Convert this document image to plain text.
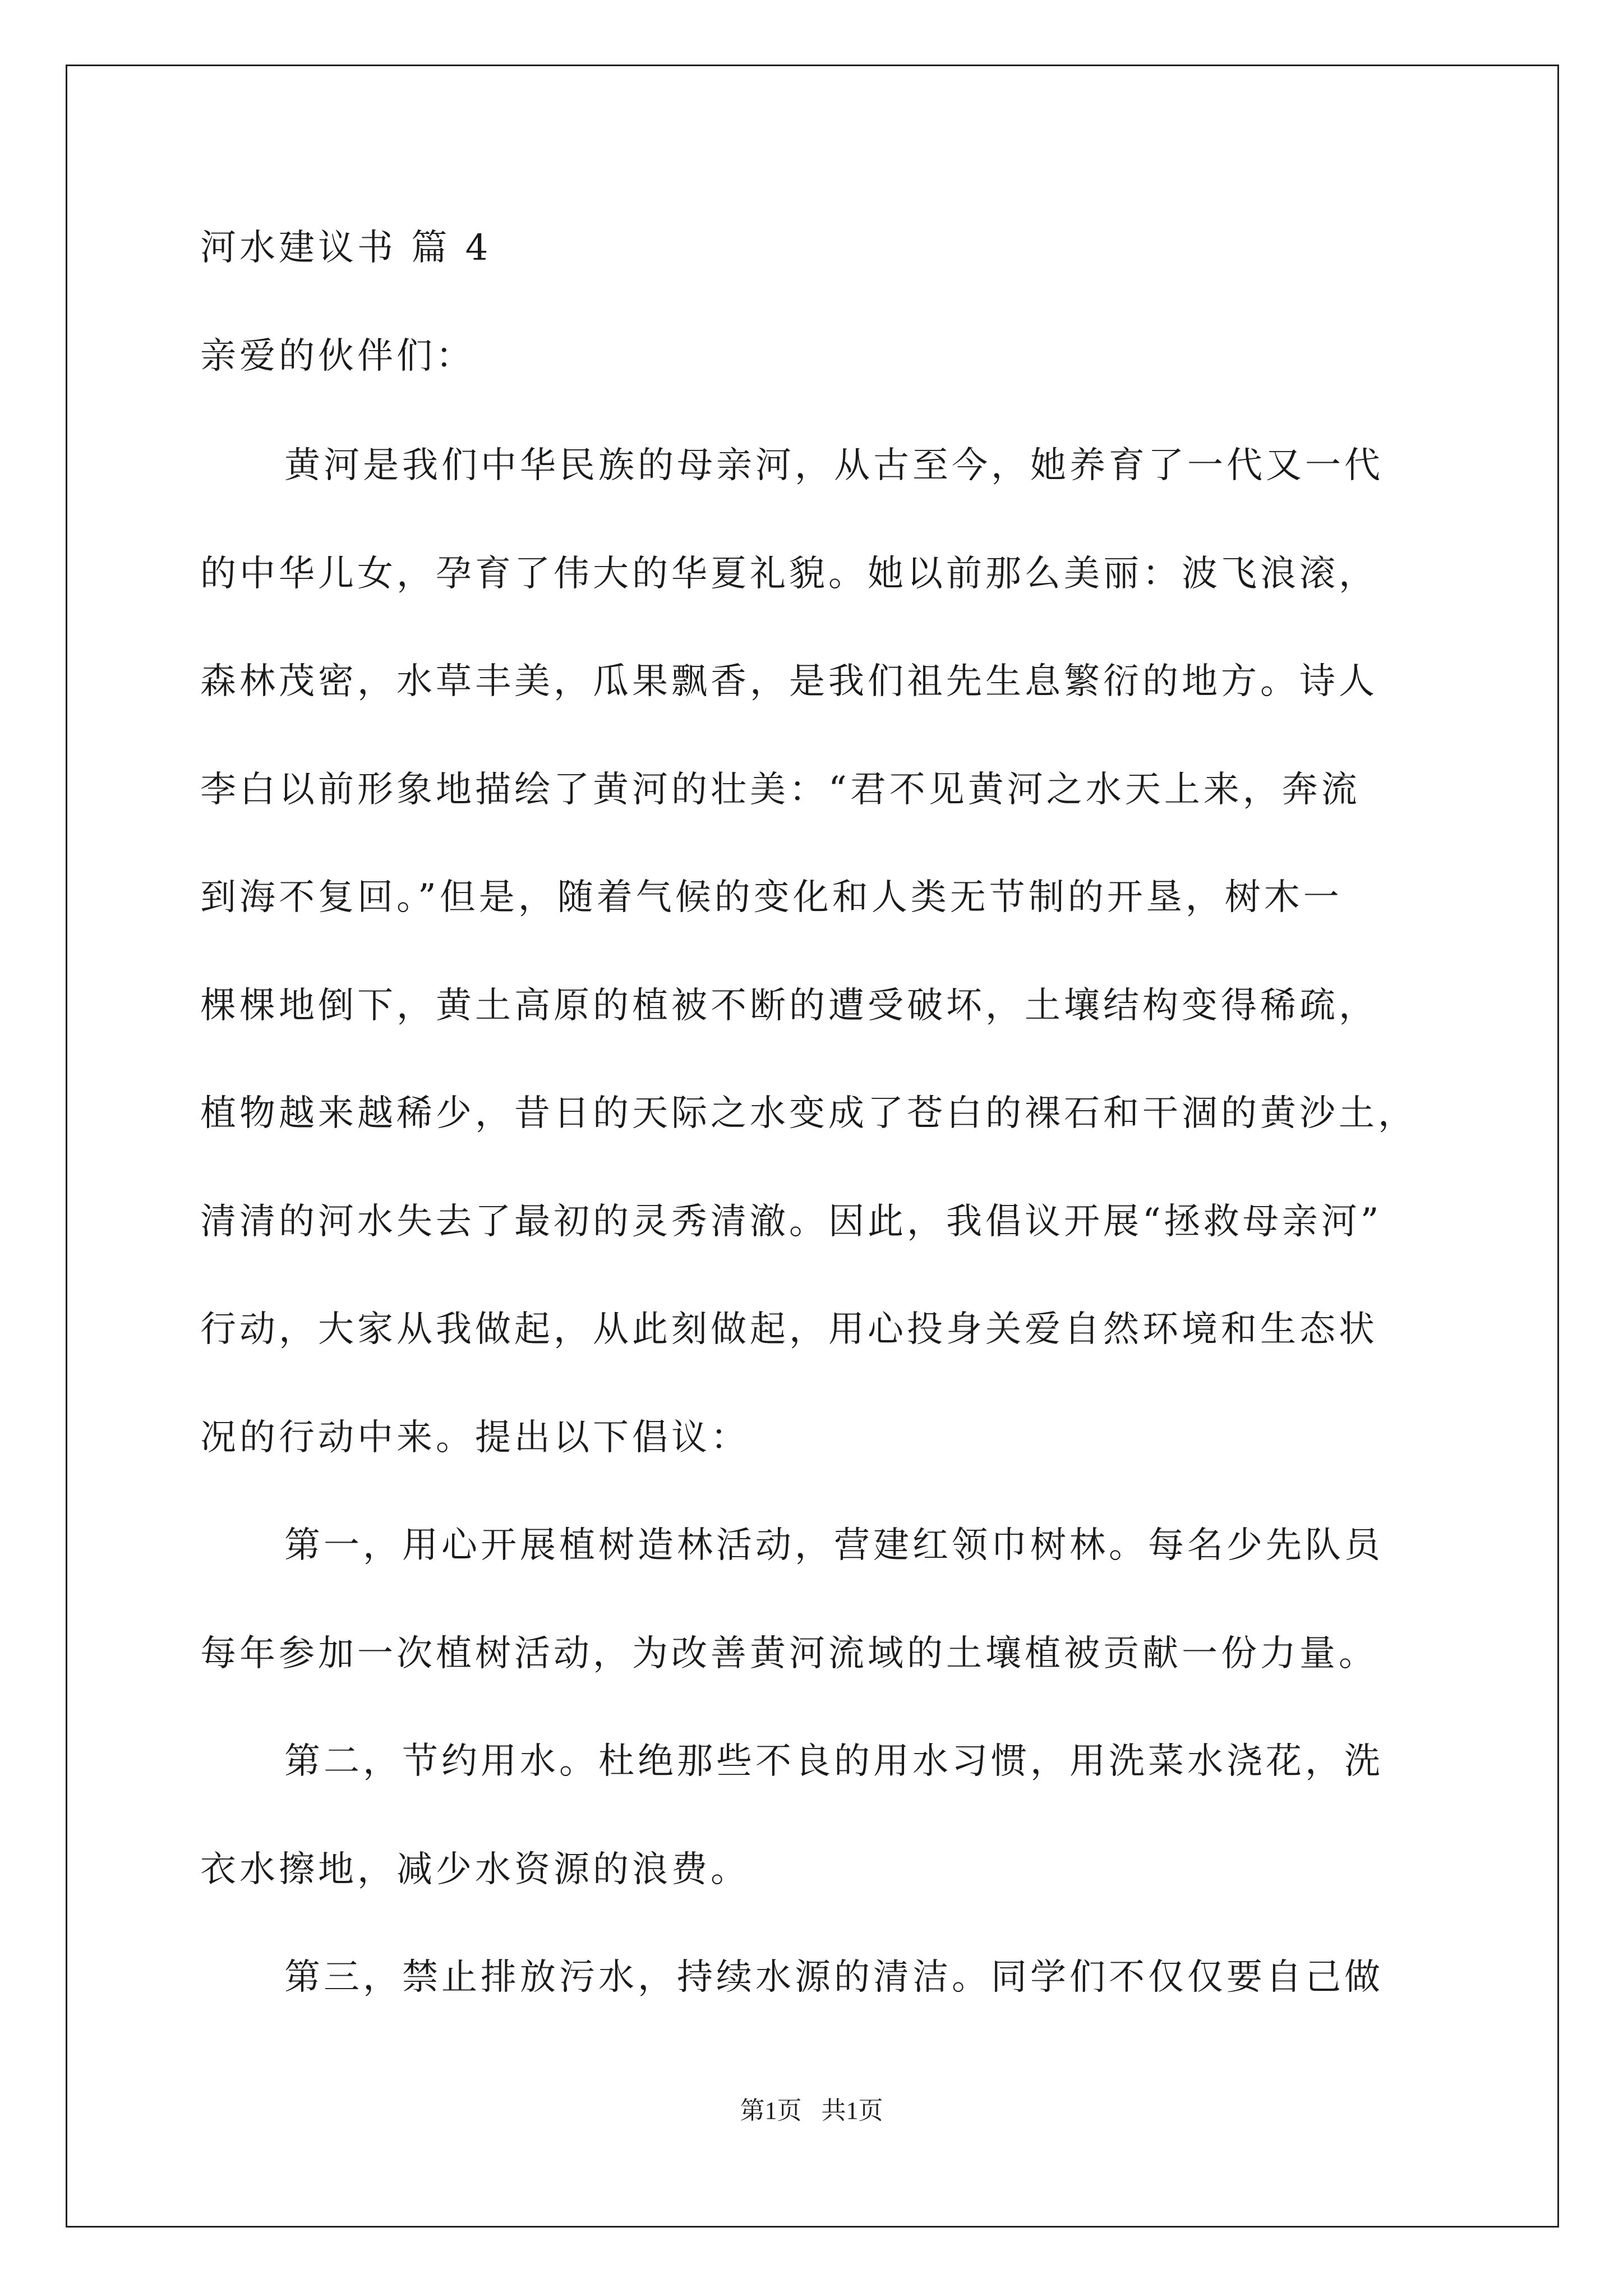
河水建议书 篇 4
亲爱的伙伴们：
黄河是我们中华民族的母亲河，从古至今，她养育了一代又一代
的中华儿女，孕育了伟大的华夏礼貌。她以前那么美丽：波飞浪滚，
森林茂密，水草丰美，瓜果飘香，是我们祖先生息繁衍的地方。诗人
李白以前形象地描绘了黄河的壮美：“君不见黄河之水天上来，奔流
到海不复回。”但是，随着气候的变化和人类无节制的开垦，树木一
棵棵地倒下，黄土高原的植被不断的遭受破坏，土壤结构变得稀疏，
植物越来越稀少，昔日的天际之水变成了苍白的裸石和干涸的黄沙土，
清清的河水失去了最初的灵秀清澈。因此，我倡议开展“拯救母亲河”
行动，大家从我做起，从此刻做起，用心投身关爱自然环境和生态状
况的行动中来。提出以下倡议：
第一，用心开展植树造林活动，营建红领巾树林。每名少先队员
每年参加一次植树活动，为改善黄河流域的土壤植被贡献一份力量。
第二，节约用水。杜绝那些不良的用水习惯，用洗菜水浇花，洗
衣水擦地，减少水资源的浪费。
第三，禁止排放污水，持续水源的清洁。同学们不仅仅要自己做
第1页 共1页
